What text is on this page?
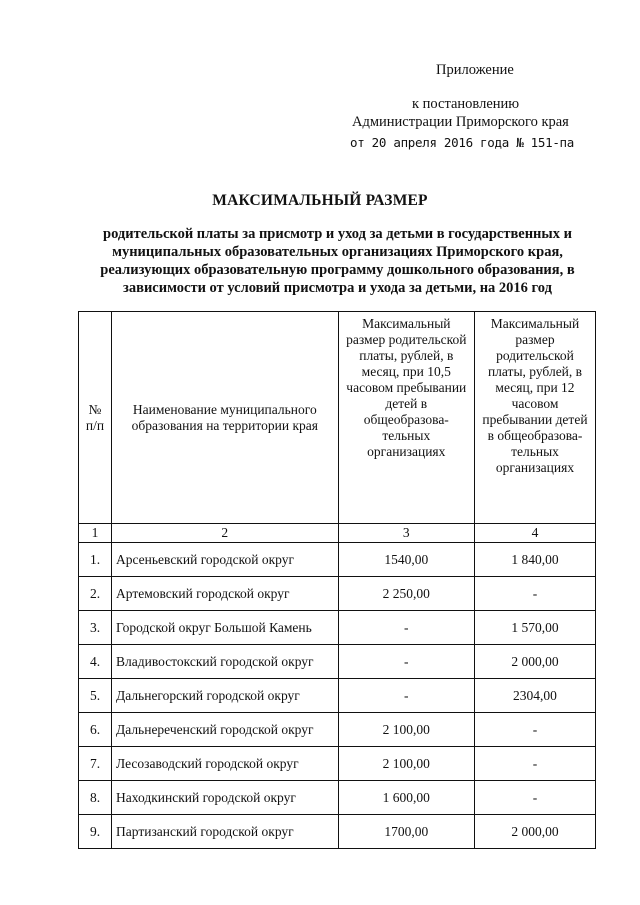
Приложение
к постановлению
Администрации Приморского края
от 20 апреля 2016 года № 151-па
МАКСИМАЛЬНЫЙ РАЗМЕР
родительской платы за присмотр и уход за детьми в государственных и
муниципальных образовательных организациях Приморского края,
реализующих образовательную программу дошкольного образования, в
зависимости от условий присмотра и ухода за детьми, на 2016 год
№ п/п	Наименование муниципального образования на территории края	Максимальный размер родительской платы, рублей, в месяц, при 10,5 часовом пребывании детей в общеобразова-тельных организациях	Максимальный размер родительской платы, рублей, в месяц, при 12 часовом пребывании детей в общеобразова-тельных организациях
1	2	3	4
1.	Арсеньевский городской округ	1540,00	1 840,00
2.	Артемовский городской округ	2 250,00	-
3.	Городской округ Большой Камень	-	1 570,00
4.	Владивостокский городской округ	-	2 000,00
5.	Дальнегорский городской округ	-	2304,00
6.	Дальнереченский городской округ	2 100,00	-
7.	Лесозаводский городской округ	2 100,00	-
8.	Находкинский городской округ	1 600,00	-
9.	Партизанский городской округ	1700,00	2 000,00
